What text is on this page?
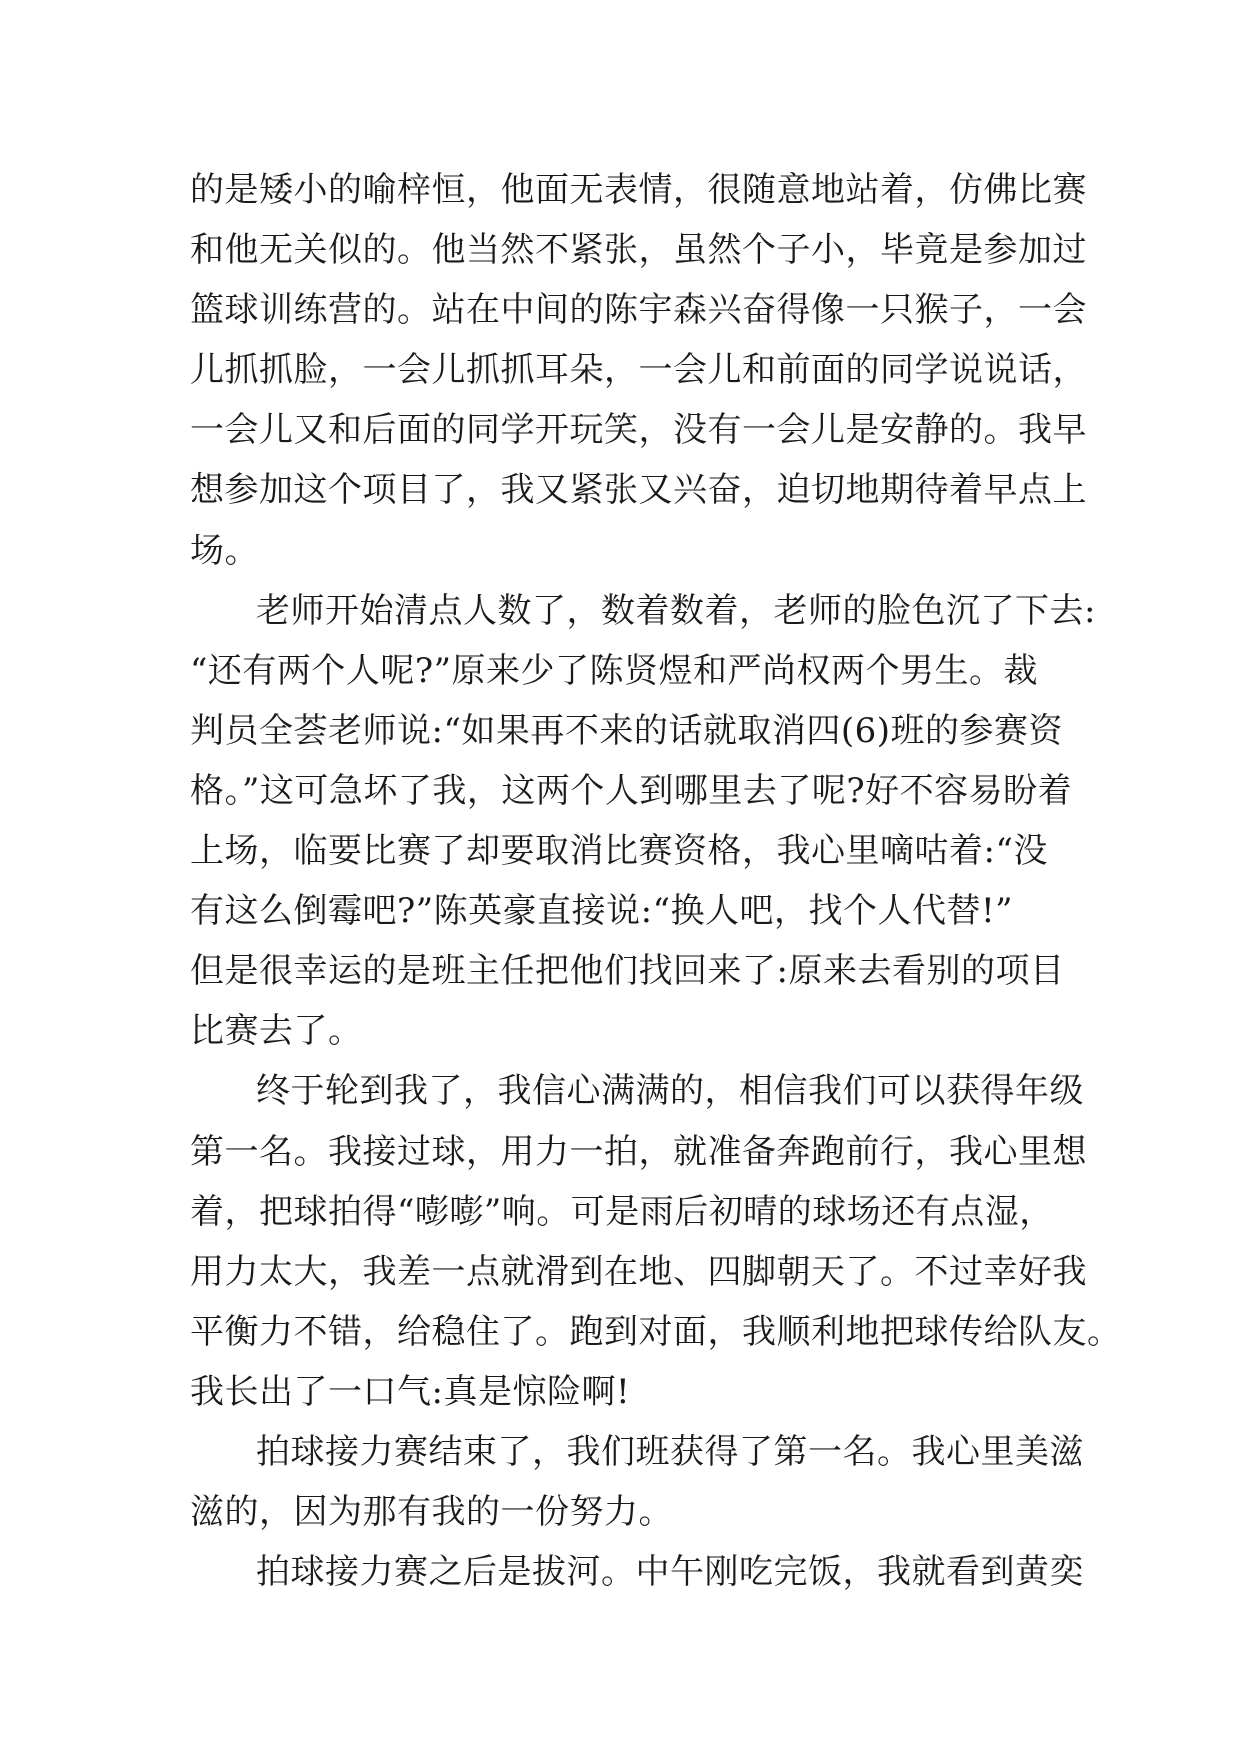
的是矮小的喻梓恒，他面无表情，很随意地站着，仿佛比赛
和他无关似的。他当然不紧张，虽然个子小，毕竟是参加过
篮球训练营的。站在中间的陈宇森兴奋得像一只猴子，一会
儿抓抓脸，一会儿抓抓耳朵，一会儿和前面的同学说说话，
一会儿又和后面的同学开玩笑，没有一会儿是安静的。我早
想参加这个项目了，我又紧张又兴奋，迫切地期待着早点上
场。
老师开始清点人数了，数着数着，老师的脸色沉了下去:
“还有两个人呢?”原来少了陈贤煜和严尚权两个男生。裁
判员全荟老师说:“如果再不来的话就取消四(6)班的参赛资
格。”这可急坏了我，这两个人到哪里去了呢?好不容易盼着
上场，临要比赛了却要取消比赛资格，我心里嘀咕着:“没
有这么倒霉吧?”陈英豪直接说:“换人吧，找个人代替!”
但是很幸运的是班主任把他们找回来了:原来去看别的项目
比赛去了。
终于轮到我了，我信心满满的，相信我们可以获得年级
第一名。我接过球，用力一拍，就准备奔跑前行，我心里想
着，把球拍得“嘭嘭”响。可是雨后初晴的球场还有点湿，
用力太大，我差一点就滑到在地、四脚朝天了。不过幸好我
平衡力不错，给稳住了。跑到对面，我顺利地把球传给队友。
我长出了一口气:真是惊险啊!
拍球接力赛结束了，我们班获得了第一名。我心里美滋
滋的，因为那有我的一份努力。
拍球接力赛之后是拔河。中午刚吃完饭，我就看到黄奕
